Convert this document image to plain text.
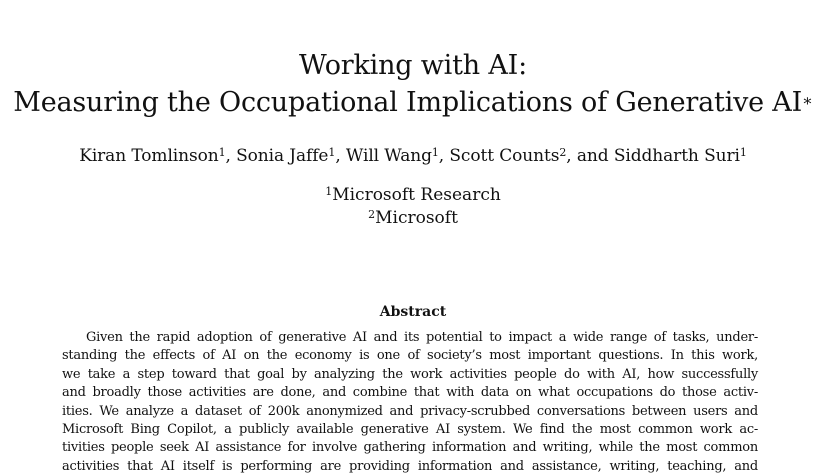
Working with AI:
Measuring the Occupational Implications of Generative AI∗
Kiran Tomlinson$^1$, Sonia Jaffe$^1$, Will Wang$^1$, Scott Counts$^2$, and Siddharth Suri$^1$
$^1$Microsoft Research
$^2$Microsoft
Abstract
Given the rapid adoption of generative AI and its potential to impact a wide range of tasks, under-
standing the effects of AI on the economy is one of society’s most important questions. In this work,
we take a step toward that goal by analyzing the work activities people do with AI, how successfully
and broadly those activities are done, and combine that with data on what occupations do those activ-
ities. We analyze a dataset of 200k anonymized and privacy-scrubbed conversations between users and
Microsoft Bing Copilot, a publicly available generative AI system. We find the most common work ac-
tivities people seek AI assistance for involve gathering information and writing, while the most common
activities that AI itself is performing are providing information and assistance, writing, teaching, and
